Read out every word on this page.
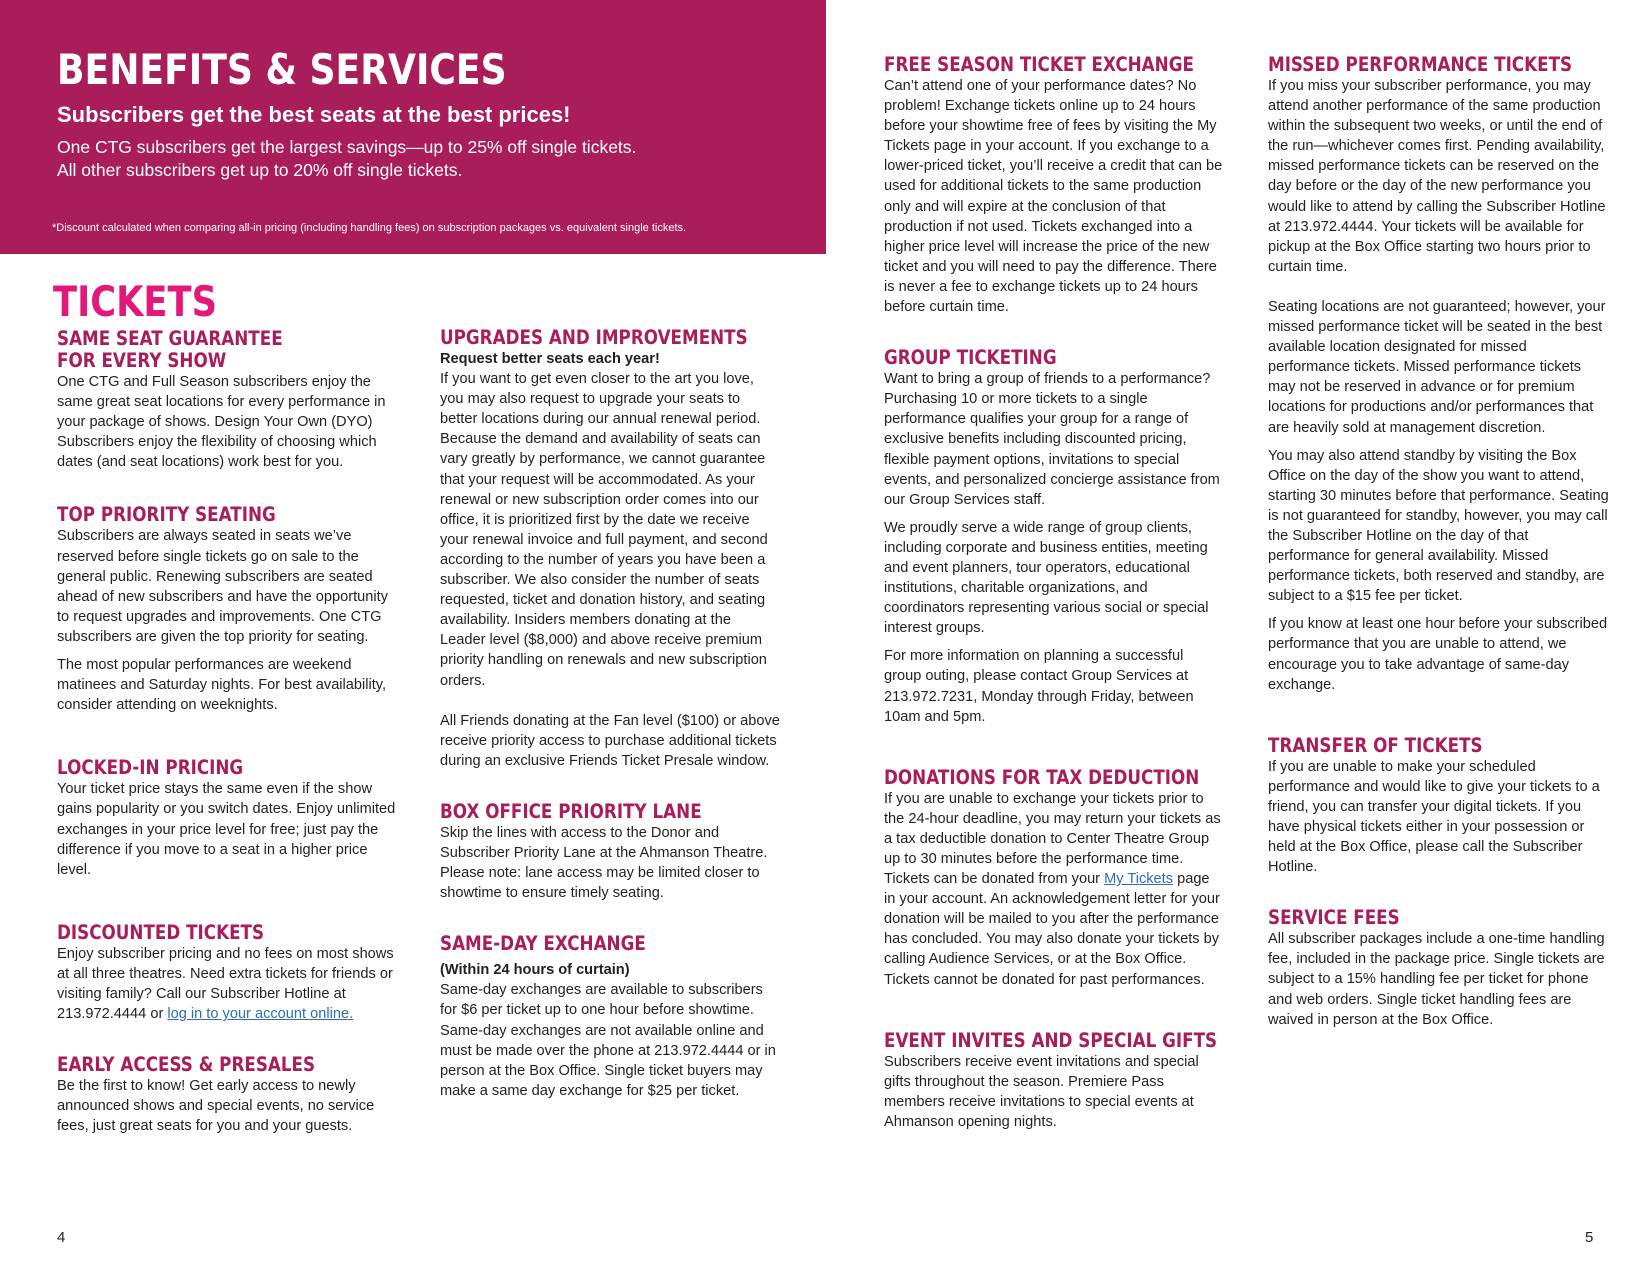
BENEFITS & SERVICES

Subscribers get the best seats at the best prices!

One CTG subscribers get the largest savings—up to 25% off single tickets.

All other subscribers get up to 20% off single tickets.

*Discount calculated when comparing all-in pricing (including handling fees) on subscription packages vs. equivalent single tickets.

TICKETS
SAME SEAT GUARANTEE
FOR EVERY SHOW

One CTG and Full Season subscribers enjoy the same great seat locations for every performance in your package of shows. Design Your Own (DYO) Subscribers enjoy the flexibility of choosing which dates (and seat locations) work best for you.

TOP PRIORITY SEATING

Subscribers are always seated in seats we’ve reserved before single tickets go on sale to the general public. Renewing subscribers are seated ahead of new subscribers and have the opportunity to request upgrades and improvements. One CTG subscribers are given the top priority for seating.

The most popular performances are weekend matinees and Saturday nights. For best availability, consider attending on weeknights.

LOCKED-IN PRICING

Your ticket price stays the same even if the show gains popularity or you switch dates. Enjoy unlimited exchanges in your price level for free; just pay the difference if you move to a seat in a higher price level.

DISCOUNTED TICKETS

Enjoy subscriber pricing and no fees on most shows at all three theatres. Need extra tickets for friends or visiting family? Call our Subscriber Hotline at 213.972.4444 or log in to your account online.

EARLY ACCESS & PRESALES

Be the first to know! Get early access to newly announced shows and special events, no service fees, just great seats for you and your guests.

UPGRADES AND IMPROVEMENTS

Request better seats each year!

If you want to get even closer to the art you love, you may also request to upgrade your seats to better locations during our annual renewal period. Because the demand and availability of seats can vary greatly by performance, we cannot guarantee that your request will be accommodated. As your renewal or new subscription order comes into our office, it is prioritized first by the date we receive your renewal invoice and full payment, and second according to the number of years you have been a subscriber. We also consider the number of seats requested, ticket and donation history, and seating availability. Insiders members donating at the Leader level ($8,000) and above receive premium priority handling on renewals and new subscription orders.

All Friends donating at the Fan level ($100) or above receive priority access to purchase additional tickets during an exclusive Friends Ticket Presale window.

BOX OFFICE PRIORITY LANE

Skip the lines with access to the Donor and Subscriber Priority Lane at the Ahmanson Theatre. Please note: lane access may be limited closer to showtime to ensure timely seating.

SAME-DAY EXCHANGE

(Within 24 hours of curtain)

Same-day exchanges are available to subscribers for $6 per ticket up to one hour before showtime. Same-day exchanges are not available online and must be made over the phone at 213.972.4444 or in person at the Box Office. Single ticket buyers may make a same day exchange for $25 per ticket.

FREE SEASON TICKET EXCHANGE

Can’t attend one of your performance dates? No problem! Exchange tickets online up to 24 hours before your showtime free of fees by visiting the My Tickets page in your account. If you exchange to a lower-priced ticket, you’ll receive a credit that can be used for additional tickets to the same production only and will expire at the conclusion of that production if not used. Tickets exchanged into a higher price level will increase the price of the new ticket and you will need to pay the difference. There is never a fee to exchange tickets up to 24 hours before curtain time.

GROUP TICKETING

Want to bring a group of friends to a performance? Purchasing 10 or more tickets to a single performance qualifies your group for a range of exclusive benefits including discounted pricing, flexible payment options, invitations to special events, and personalized concierge assistance from our Group Services staff.

We proudly serve a wide range of group clients, including corporate and business entities, meeting and event planners, tour operators, educational institutions, charitable organizations, and coordinators representing various social or special interest groups.

For more information on planning a successful group outing, please contact Group Services at 213.972.7231, Monday through Friday, between 10am and 5pm.

DONATIONS FOR TAX DEDUCTION

If you are unable to exchange your tickets prior to the 24-hour deadline, you may return your tickets as a tax deductible donation to Center Theatre Group up to 30 minutes before the performance time. Tickets can be donated from your My Tickets page in your account. An acknowledgement letter for your donation will be mailed to you after the performance has concluded. You may also donate your tickets by calling Audience Services, or at the Box Office. Tickets cannot be donated for past performances.

EVENT INVITES AND SPECIAL GIFTS

Subscribers receive event invitations and special gifts throughout the season. Premiere Pass members receive invitations to special events at Ahmanson opening nights.

MISSED PERFORMANCE TICKETS

If you miss your subscriber performance, you may attend another performance of the same production within the subsequent two weeks, or until the end of the run—whichever comes first. Pending availability, missed performance tickets can be reserved on the day before or the day of the new performance you would like to attend by calling the Subscriber Hotline at 213.972.4444. Your tickets will be available for pickup at the Box Office starting two hours prior to curtain time.

Seating locations are not guaranteed; however, your missed performance ticket will be seated in the best available location designated for missed performance tickets. Missed performance tickets may not be reserved in advance or for premium locations for productions and/or performances that are heavily sold at management discretion.

You may also attend standby by visiting the Box Office on the day of the show you want to attend, starting 30 minutes before that performance. Seating is not guaranteed for standby, however, you may call the Subscriber Hotline on the day of that performance for general availability. Missed performance tickets, both reserved and standby, are subject to a $15 fee per ticket.

If you know at least one hour before your subscribed performance that you are unable to attend, we encourage you to take advantage of same-day exchange.

TRANSFER OF TICKETS

If you are unable to make your scheduled performance and would like to give your tickets to a friend, you can transfer your digital tickets. If you have physical tickets either in your possession or held at the Box Office, please call the Subscriber Hotline.

SERVICE FEES

All subscriber packages include a one-time handling fee, included in the package price. Single tickets are subject to a 15% handling fee per ticket for phone and web orders. Single ticket handling fees are waived in person at the Box Office.

4	5
